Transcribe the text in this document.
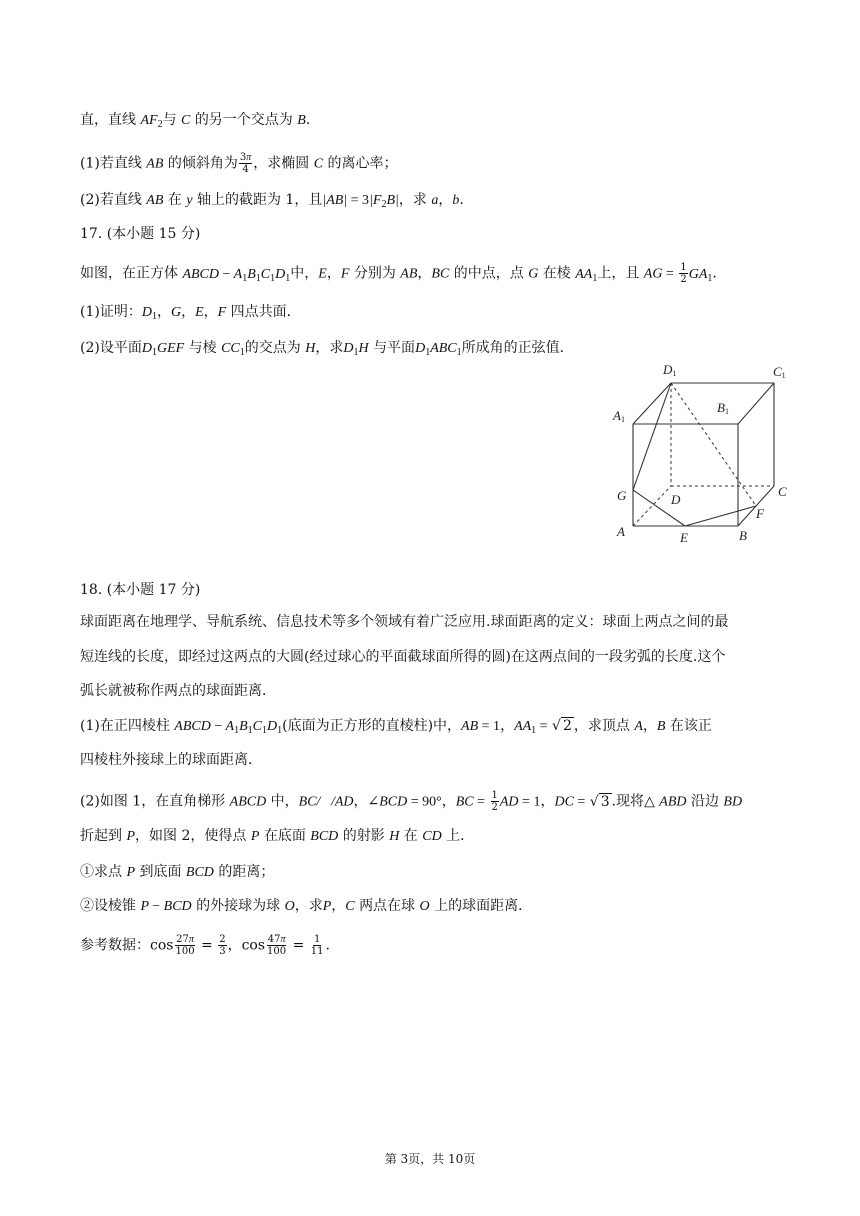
直，直线 $AF_2$与 C 的另一个交点为 B.
(1)若直线 AB 的倾斜角为 $\frac{3\pi}{4}$ ，求椭圆 C 的离心率；
(2)若直线 AB 在 y 轴上的截距为 1，且$|AB| = 3|F_2B|$，求 a，b.
17. (本小题 15 分)
如图，在正方体 ABCD − $A_1B_1C_1D_1$中，E，F 分别为 AB，BC 的中点，点 G 在棱 $AA_1$上，且 AG = $\frac{1}{2} GA_1$.
(1)证明：$D_1$，G，E，F 四点共面．
(2)设平面$D_1GEF$ 与棱 $CC_1$的交点为 H，求$D_1H$ 与平面$D_1ABC_1$所成角的正弦值．
D1	C1
A1
B1
G	D
C
F
A	E	B
18. (本小题 17 分)
球面距离在地理学、导航系统、信息技术等多个领域有着广泛应用.球面距离的定义：球面上两点之间的最
短连线的长度，即经过这两点的大圆(经过球心的平面截球面所得的圆)在这两点间的一段劣弧的长度.这个
弧长就被称作两点的球面距离．
(1)在正四棱柱 ABCD − $A_1B_1C_1D_1$(底面为正方形的直棱柱)中，AB = 1，$AA_1$ = √ 2 ，求顶点 A，B 在该正
四棱柱外接球上的球面距离．
(2)如图 1，在直角梯形 ABCD 中，BC/   /AD，∠BCD = 90°，BC = $\frac{1}{2}$ AD = 1，DC = √ 3 .现将△ ABD 沿边 BD
折起到 P，如图 2，使得点 P 在底面 BCD 的射影 H 在 CD 上．
①求点 P 到底面 BCD 的距离；
②设棱锥 P − BCD 的外接球为球 O，求P，C 两点在球 O 上的球面距离．
参考数据：$\cos \frac{27\pi}{100} = \frac{2}{3}$ ，$\cos \frac{47\pi}{100} = \frac{1}{11}$ .
第 3页，共 10页
